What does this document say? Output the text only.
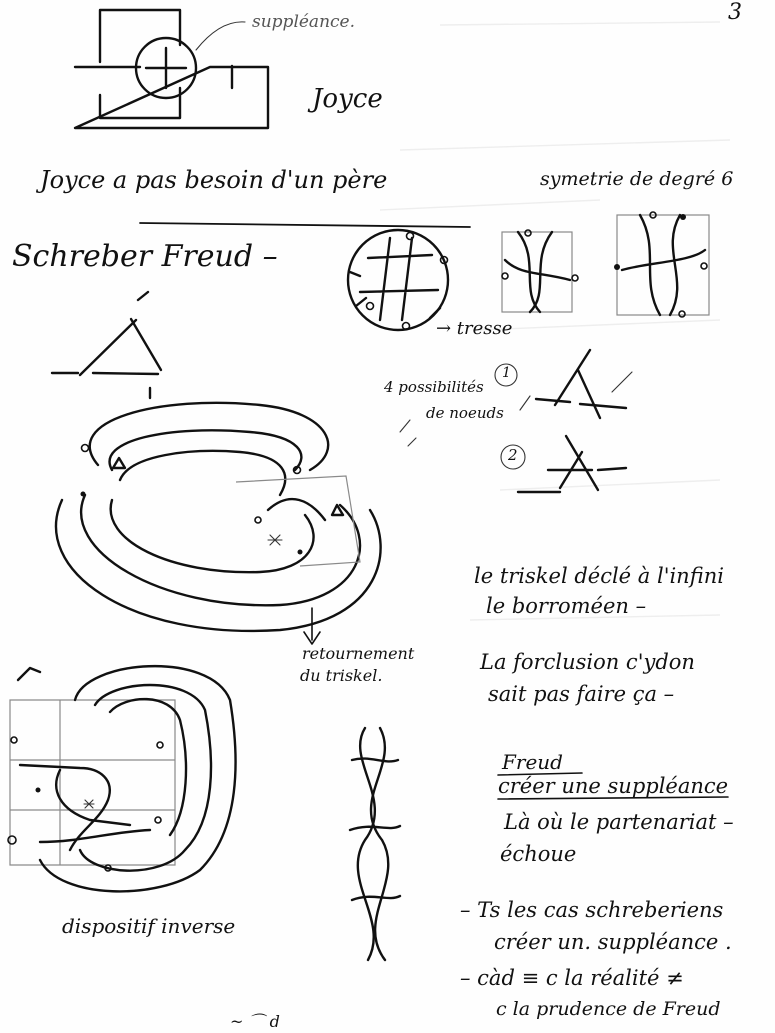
3
suppléance.
Joyce
Joyce a pas besoin d'un père
Schreber Freud –
symetrie de degré 6
→ tresse
4 possibilités
de noeuds
1
2
retournement
du triskel.
dispositif inverse
le triskel déclé à l'infini
le borroméen –
La forclusion c'ydon
sait pas faire ça –
Freud
créer une suppléance
Là où le partenariat –
échoue
– Ts les cas schreberiens
créer un. suppléance .
– càd ≡ c la réalité ≠
c la prudence de Freud
~ ⌒ d
